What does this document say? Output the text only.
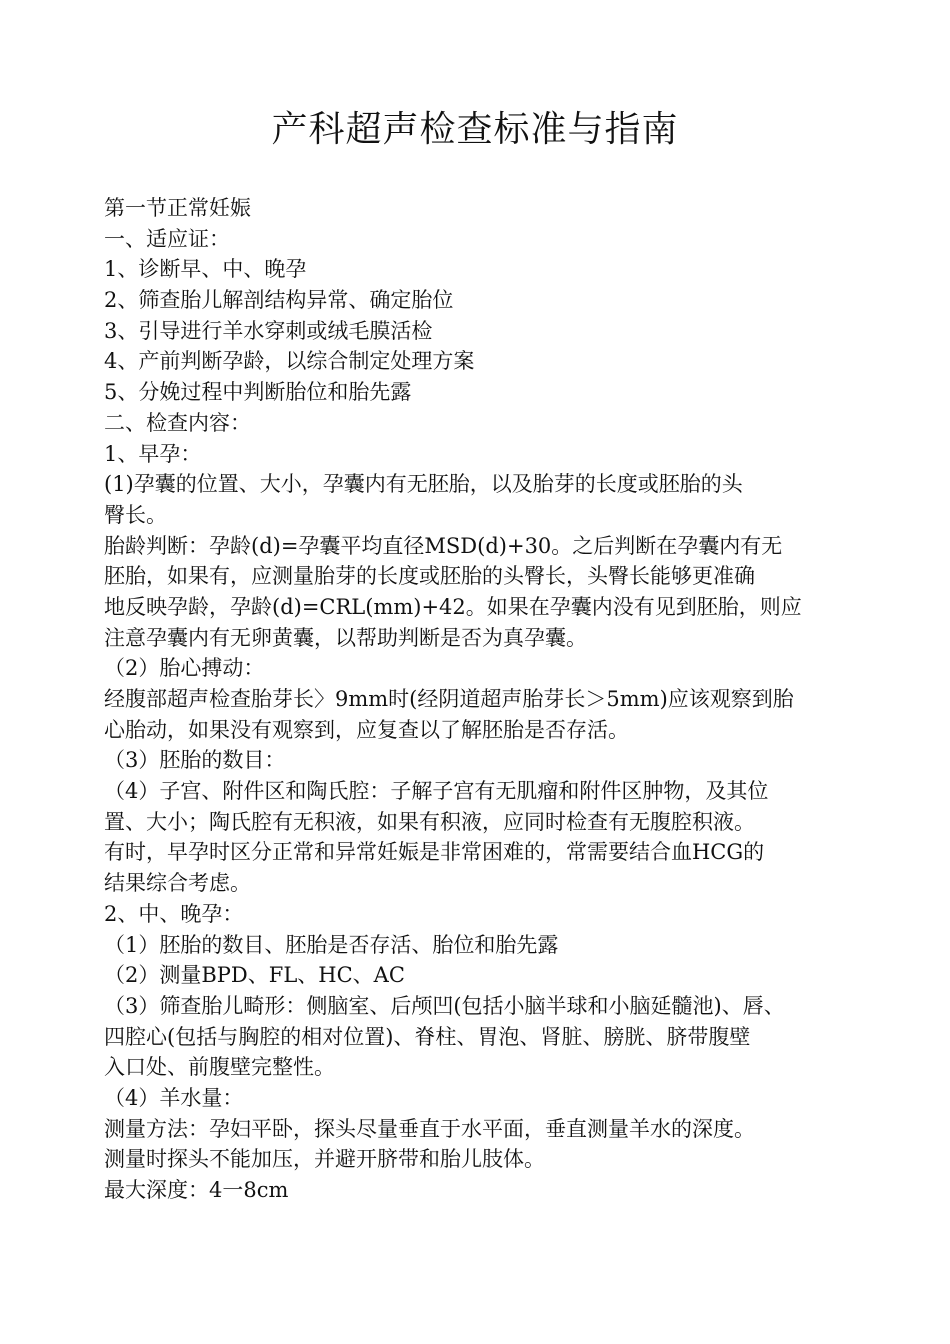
产科超声检查标准与指南
第一节正常妊娠
一、适应证：
1、诊断早、中、晚孕
2、筛查胎儿解剖结构异常、确定胎位
3、引导进行羊水穿刺或绒毛膜活检
4、产前判断孕龄，以综合制定处理方案
5、分娩过程中判断胎位和胎先露
二、检查内容：
1、早孕：
(1)孕囊的位置、大小，孕囊内有无胚胎，以及胎芽的长度或胚胎的头
臀长。
胎龄判断：孕龄(d)=孕囊平均直径MSD(d)+30。之后判断在孕囊内有无
胚胎，如果有，应测量胎芽的长度或胚胎的头臀长，头臀长能够更准确
地反映孕龄，孕龄(d)=CRL(mm)+42。如果在孕囊内没有见到胚胎，则应
注意孕囊内有无卵黄囊，以帮助判断是否为真孕囊。
（2）胎心搏动：
经腹部超声检查胎芽长〉9mm时(经阴道超声胎芽长＞5mm)应该观察到胎
心胎动，如果没有观察到，应复查以了解胚胎是否存活。
（3）胚胎的数目：
（4）子宫、附件区和陶氏腔：子解子宫有无肌瘤和附件区肿物，及其位
置、大小；陶氏腔有无积液，如果有积液，应同时检查有无腹腔积液。
有时，早孕时区分正常和异常妊娠是非常困难的，常需要结合血HCG的
结果综合考虑。
2、中、晚孕：
（1）胚胎的数目、胚胎是否存活、胎位和胎先露
（2）测量BPD、FL、HC、AC
（3）筛查胎儿畸形：侧脑室、后颅凹(包括小脑半球和小脑延髓池)、唇、
四腔心(包括与胸腔的相对位置)、脊柱、胃泡、肾脏、膀胱、脐带腹壁
入口处、前腹壁完整性。
（4）羊水量：
测量方法：孕妇平卧，探头尽量垂直于水平面，垂直测量羊水的深度。
测量时探头不能加压，并避开脐带和胎儿肢体。
最大深度：4一8cm
